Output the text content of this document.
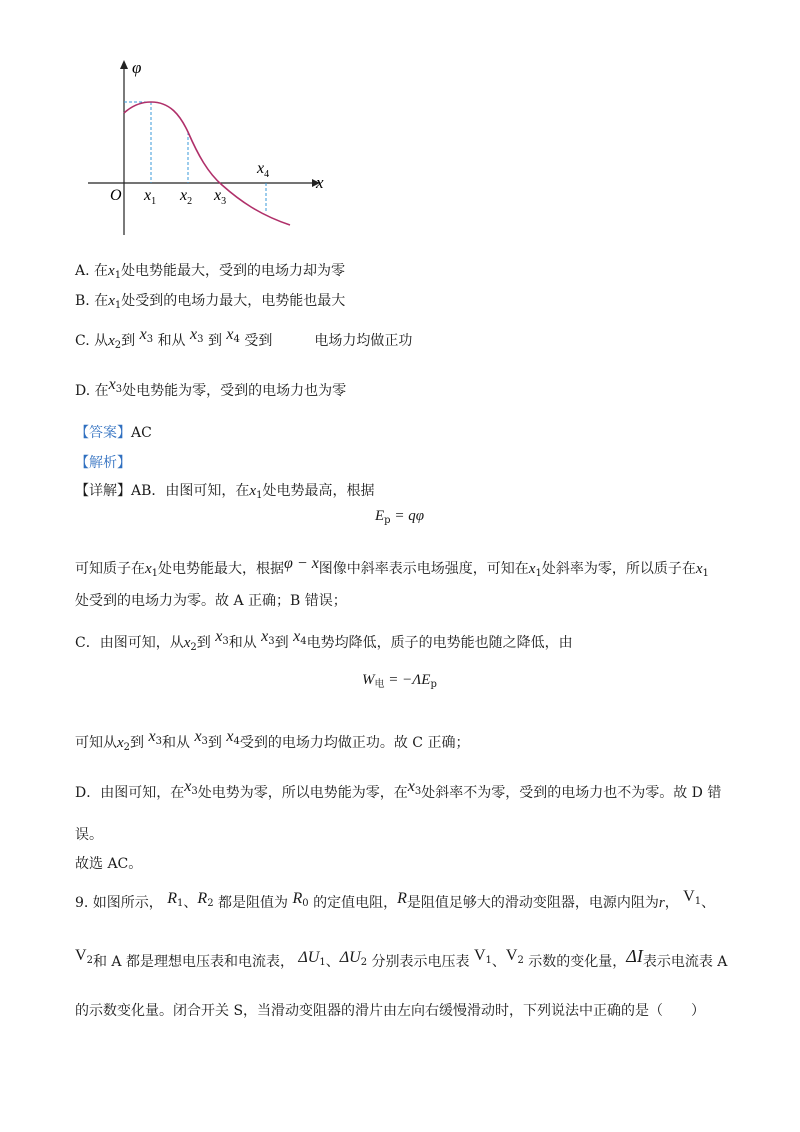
φ
x
O $x_1$ $x_2$ $x_3$
$x_4$
A. 在$x_1$处电势能最大，受到的电场力却为零
B. 在$x_1$处受到的电场力最大，电势能也最大
C. 从$x_2$到 $x^3$ 和从 $x^3$ 到 $x^4$ 受到	电场力均做正功
D. 在$x^3$处电势能为零，受到的电场力也为零
【答案】AC
【解析】
【详解】AB．由图可知，在$x_1$处电势最高，根据
$E_p = q\varphi$
可知质子在$x_1$处电势能最大，根据φ − x图像中斜率表示电场强度，可知在$x_1$处斜率为零，所以质子在$x_1$
处受到的电场力为零。故 A 正确；B 错误；
C．由图可知，从$x_2$到 $x^3$和从 $x^3$到 $x^4$电势均降低，质子的电势能也随之降低，由
$W_电 = -\Lambda E_p$
可知从$x_2$到 $x^3$和从 $x^3$到 $x^4$受到的电场力均做正功。故 C 正确；
D．由图可知，在$x^3$处电势为零，所以电势能为零，在$x^3$处斜率不为零，受到的电场力也不为零。故 D 错
误。
故选 AC。
9. 如图所示， $R_1$、$R_2$ 都是阻值为 $R_0$ 的定值电阻，R是阻值足够大的滑动变阻器，电源内阻为r， $V^1$、
$V^2$和 A 都是理想电压表和电流表， $\Delta U_1$、$\Delta U_2$ 分别表示电压表 $V^1$、$V^2$ 示数的变化量，ΔI表示电流表 A
的示数变化量。闭合开关 S，当滑动变阻器的滑片由左向右缓慢滑动时，下列说法中正确的是（　　）
